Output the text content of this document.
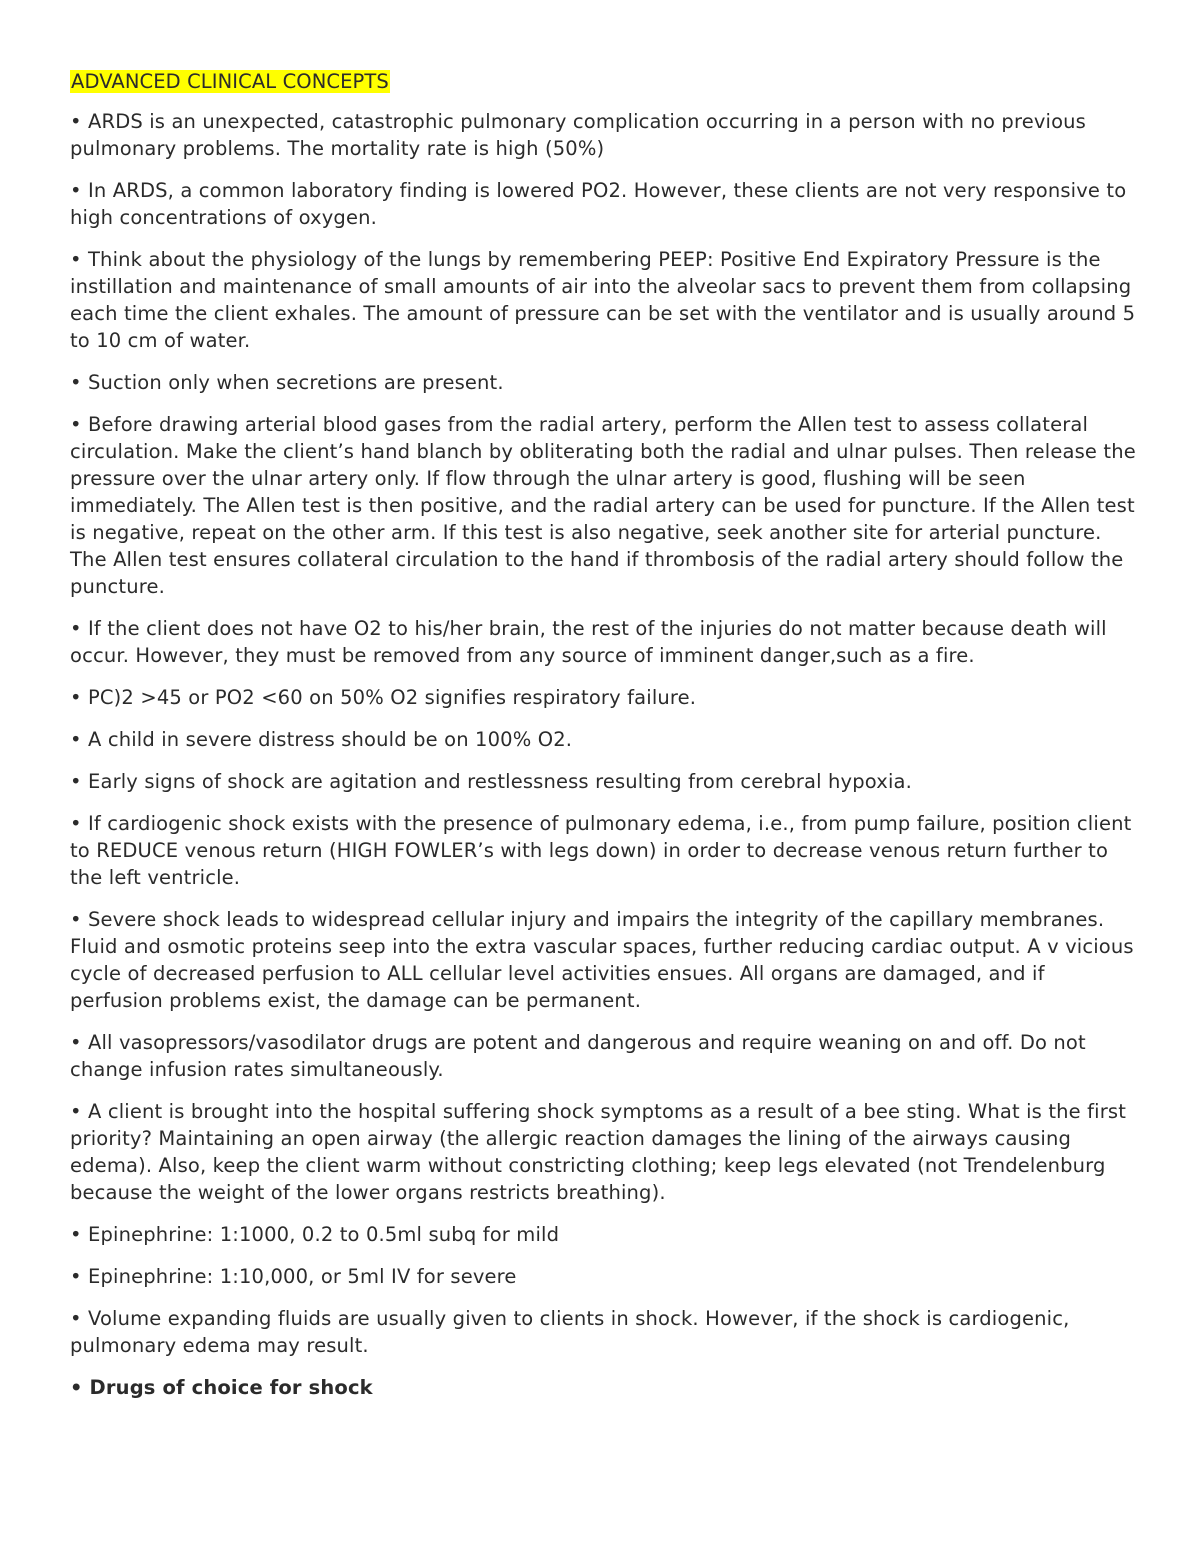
ADVANCED CLINICAL CONCEPTS

• ARDS is an unexpected, catastrophic pulmonary complication occurring in a person with no previous pulmonary problems. The mortality rate is high (50%)

• In ARDS, a common laboratory finding is lowered PO2. However, these clients are not very responsive to high concentrations of oxygen.

• Think about the physiology of the lungs by remembering PEEP: Positive End Expiratory Pressure is the instillation and maintenance of small amounts of air into the alveolar sacs to prevent them from collapsing each time the client exhales. The amount of pressure can be set with the ventilator and is usually around 5 to 10 cm of water.

• Suction only when secretions are present.

• Before drawing arterial blood gases from the radial artery, perform the Allen test to assess collateral circulation. Make the client’s hand blanch by obliterating both the radial and ulnar pulses. Then release the pressure over the ulnar artery only. If flow through the ulnar artery is good, flushing will be seen immediately. The Allen test is then positive, and the radial artery can be used for puncture. If the Allen test is negative, repeat on the other arm. If this test is also negative, seek another site for arterial puncture. The Allen test ensures collateral circulation to the hand if thrombosis of the radial artery should follow the puncture.

• If the client does not have O2 to his/her brain, the rest of the injuries do not matter because death will occur. However, they must be removed from any source of imminent danger,such as a fire.

• PC)2 >45 or PO2 <60 on 50% O2 signifies respiratory failure.

• A child in severe distress should be on 100% O2.

• Early signs of shock are agitation and restlessness resulting from cerebral hypoxia.

• If cardiogenic shock exists with the presence of pulmonary edema, i.e., from pump failure, position client to REDUCE venous return (HIGH FOWLER’s with legs down) in order to decrease venous return further to the left ventricle.

• Severe shock leads to widespread cellular injury and impairs the integrity of the capillary membranes. Fluid and osmotic proteins seep into the extra vascular spaces, further reducing cardiac output. A v vicious cycle of decreased perfusion to ALL cellular level activities ensues. All organs are damaged, and if perfusion problems exist, the damage can be permanent.

• All vasopressors/vasodilator drugs are potent and dangerous and require weaning on and off. Do not change infusion rates simultaneously.

• A client is brought into the hospital suffering shock symptoms as a result of a bee sting. What is the first priority? Maintaining an open airway (the allergic reaction damages the lining of the airways causing edema). Also, keep the client warm without constricting clothing; keep legs elevated (not Trendelenburg because the weight of the lower organs restricts breathing).

• Epinephrine: 1:1000, 0.2 to 0.5ml subq for mild

• Epinephrine: 1:10,000, or 5ml IV for severe

• Volume expanding fluids are usually given to clients in shock. However, if the shock is cardiogenic, pulmonary edema may result.

• Drugs of choice for shock
